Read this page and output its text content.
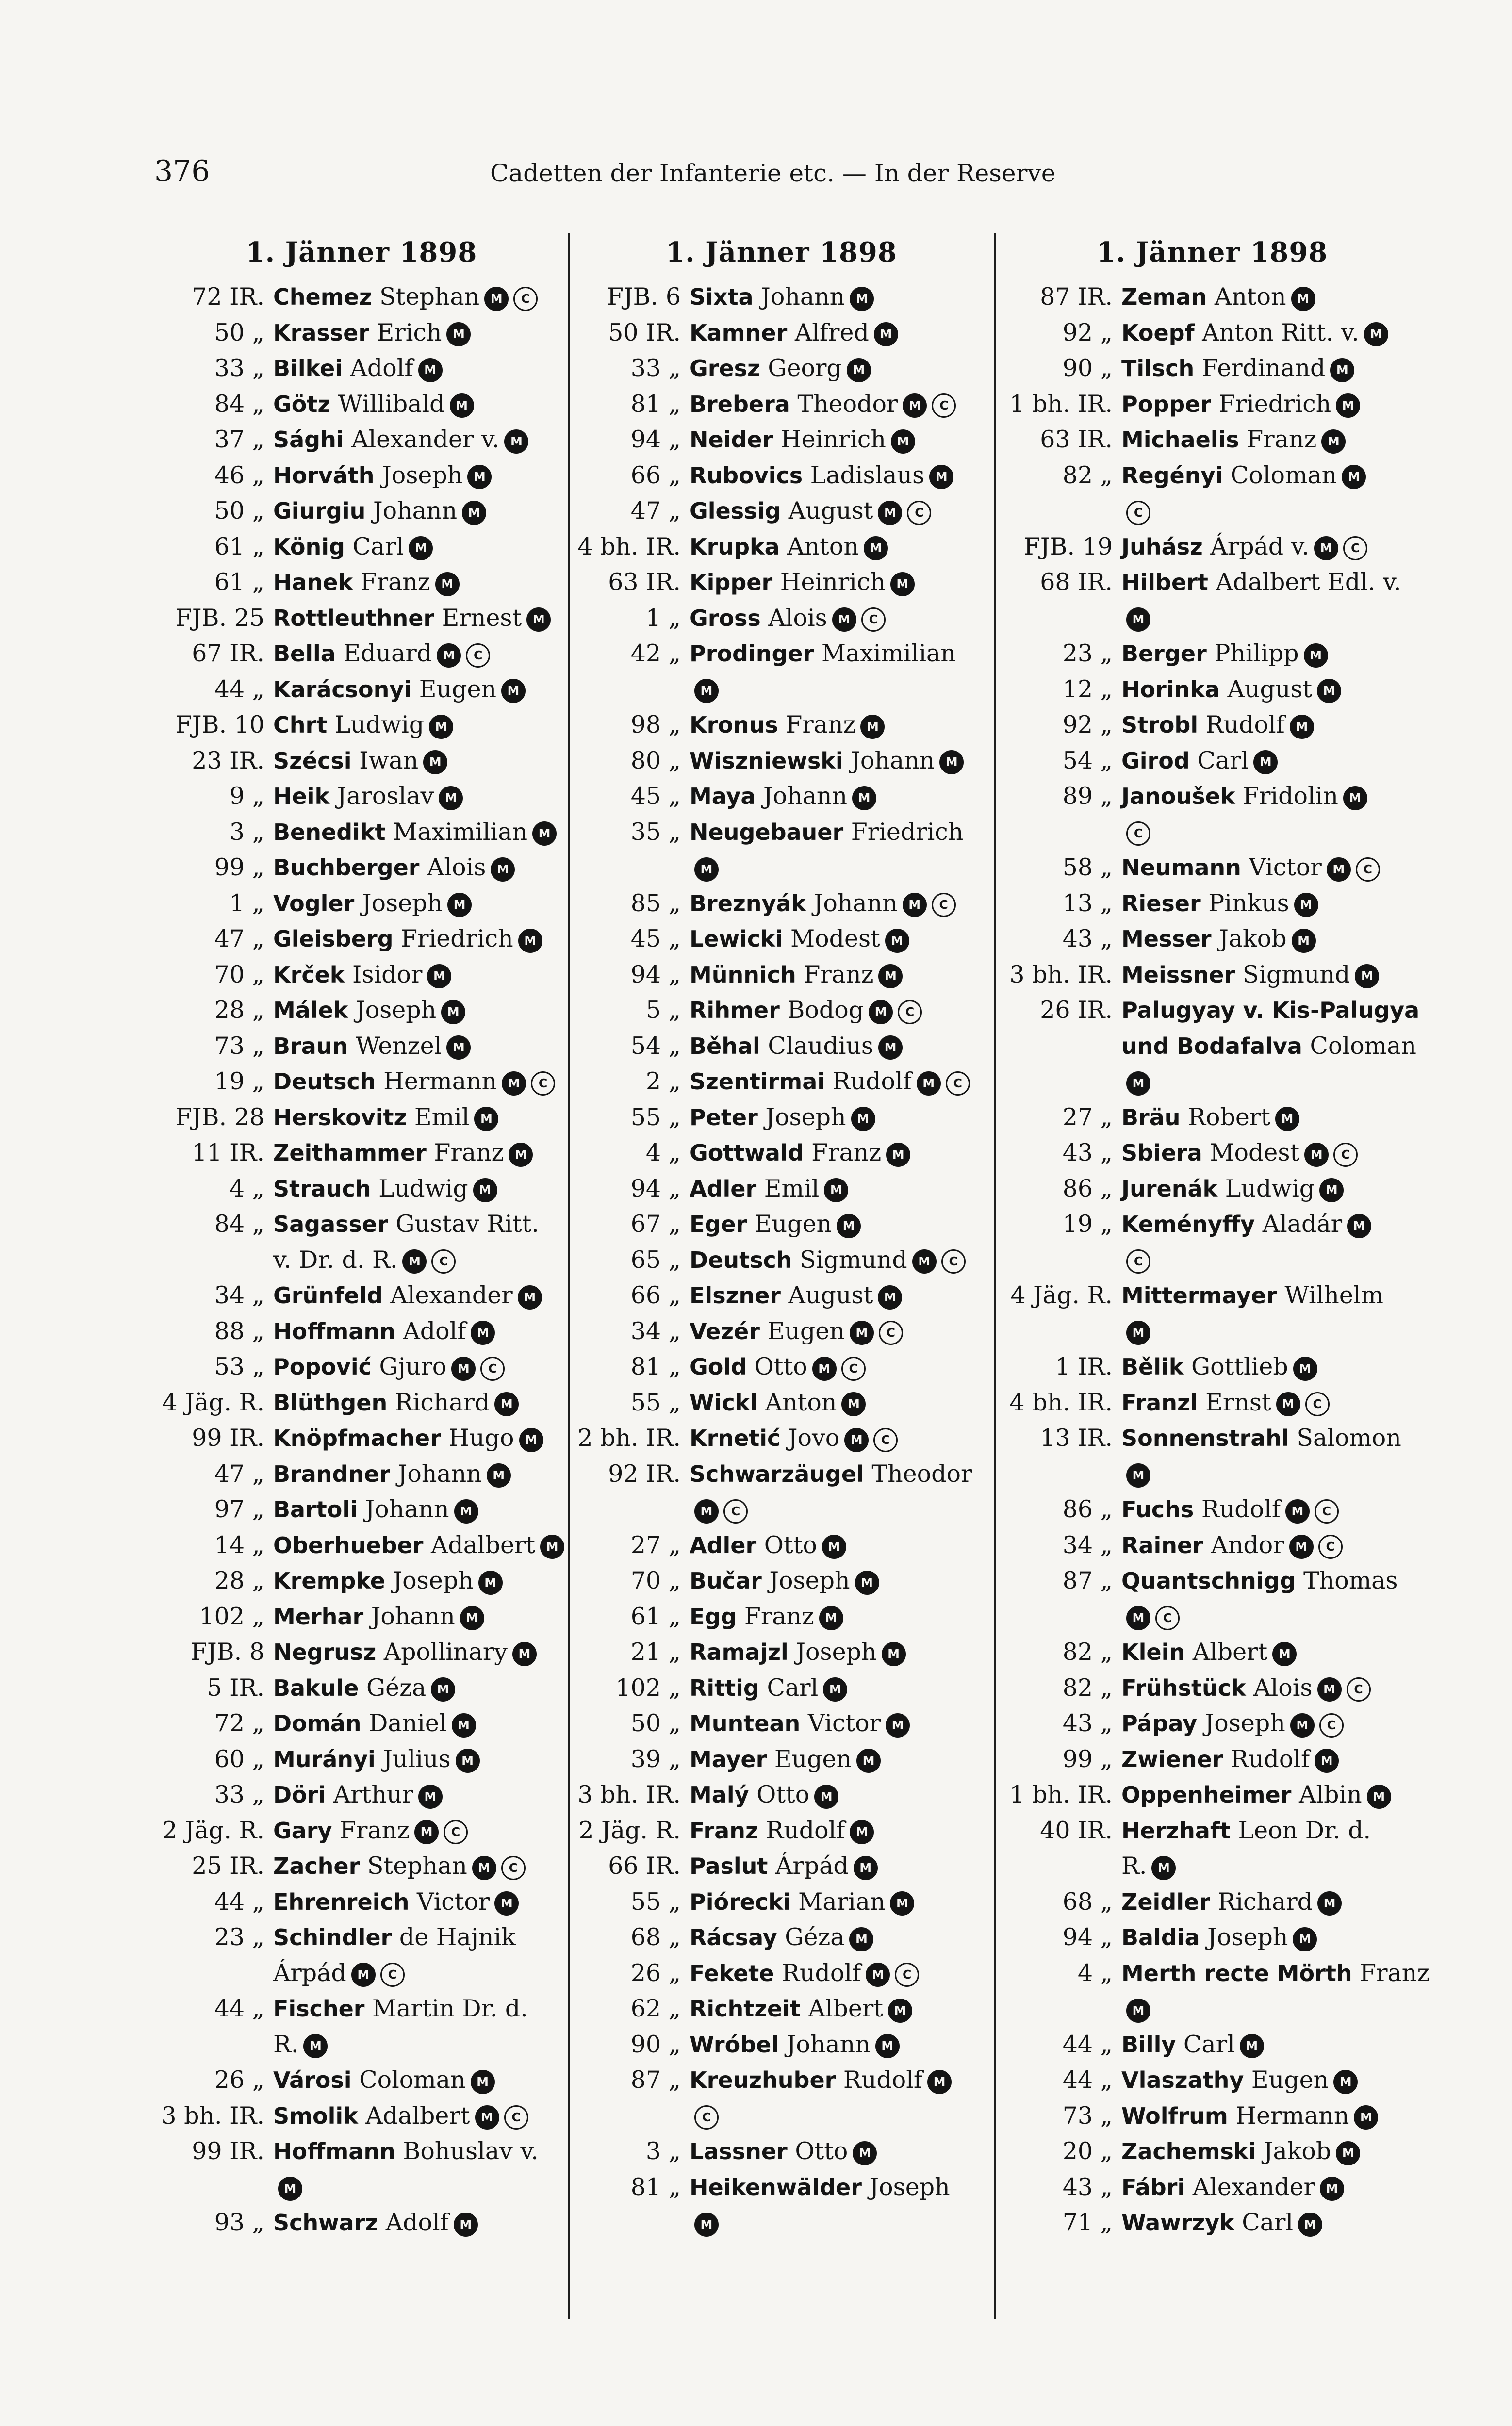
376	Cadetten der Infanterie etc. — In der Reserve
1. Jänner 1898
72 IR. Chemez Stephan M C
50 „ Krasser Erich M
33 „ Bilkei Adolf M
84 „ Götz Willibald M
37 „ Sághi Alexander v. M
46 „ Horváth Joseph M
50 „ Giurgiu Johann M
61 „ König Carl M
61 „ Hanek Franz M
FJB. 25 Rottleuthner Ernest M
67 IR. Bella Eduard M C
44 „ Karácsonyi Eugen M
FJB. 10 Chrt Ludwig M
23 IR. Szécsi Iwan M
9 „ Heik Jaroslav M
3 „ Benedikt Maximilian M
99 „ Buchberger Alois M
1 „ Vogler Joseph M
47 „ Gleisberg Friedrich M
70 „ Krček Isidor M
28 „ Málek Joseph M
73 „ Braun Wenzel M
19 „ Deutsch Hermann M C
FJB. 28 Herskovitz Emil M
11 IR. Zeithammer Franz M
4 „ Strauch Ludwig M
84 „ Sagasser Gustav Ritt.
v. Dr. d. R. M C
34 „ Grünfeld Alexander M
88 „ Hoffmann Adolf M
53 „ Popović Gjuro M C
4 Jäg. R. Blüthgen Richard M
99 IR. Knöpfmacher Hugo M
47 „ Brandner Johann M
97 „ Bartoli Johann M
14 „ Oberhueber Adalbert M
28 „ Krempke Joseph M
102 „ Merhar Johann M
FJB. 8 Negrusz Apollinary M
5 IR. Bakule Géza M
72 „ Domán Daniel M
60 „ Murányi Julius M
33 „ Döri Arthur M
2 Jäg. R. Gary Franz M C
25 IR. Zacher Stephan M C
44 „ Ehrenreich Victor M
23 „ Schindler de Hajnik
Árpád M C
44 „ Fischer Martin Dr. d.
R. M
26 „ Városi Coloman M
3 bh. IR. Smolik Adalbert M C
99 IR. Hoffmann Bohuslav v.
M
93 „ Schwarz Adolf M
1. Jänner 1898
FJB. 6 Sixta Johann M
50 IR. Kamner Alfred M
33 „ Gresz Georg M
81 „ Brebera Theodor M C
94 „ Neider Heinrich M
66 „ Rubovics Ladislaus M
47 „ Glessig August M C
4 bh. IR. Krupka Anton M
63 IR. Kipper Heinrich M
1 „ Gross Alois M C
42 „ Prodinger Maximilian
M
98 „ Kronus Franz M
80 „ Wiszniewski Johann M
45 „ Maya Johann M
35 „ Neugebauer Friedrich
M
85 „ Breznyák Johann M C
45 „ Lewicki Modest M
94 „ Münnich Franz M
5 „ Rihmer Bodog M C
54 „ Běhal Claudius M
2 „ Szentirmai Rudolf M C
55 „ Peter Joseph M
4 „ Gottwald Franz M
94 „ Adler Emil M
67 „ Eger Eugen M
65 „ Deutsch Sigmund M C
66 „ Elszner August M
34 „ Vezér Eugen M C
81 „ Gold Otto M C
55 „ Wickl Anton M
2 bh. IR. Krnetić Jovo M C
92 IR. Schwarzäugel Theodor
M C
27 „ Adler Otto M
70 „ Bučar Joseph M
61 „ Egg Franz M
21 „ Ramajzl Joseph M
102 „ Rittig Carl M
50 „ Muntean Victor M
39 „ Mayer Eugen M
3 bh. IR. Malý Otto M
2 Jäg. R. Franz Rudolf M
66 IR. Paslut Árpád M
55 „ Piórecki Marian M
68 „ Rácsay Géza M
26 „ Fekete Rudolf M C
62 „ Richtzeit Albert M
90 „ Wróbel Johann M
87 „ Kreuzhuber Rudolf M
C
3 „ Lassner Otto M
81 „ Heikenwälder Joseph
M
1. Jänner 1898
87 IR. Zeman Anton M
92 „ Koepf Anton Ritt. v. M
90 „ Tilsch Ferdinand M
1 bh. IR. Popper Friedrich M
63 IR. Michaelis Franz M
82 „ Regényi Coloman M
C
FJB. 19 Juhász Árpád v. M C
68 IR. Hilbert Adalbert Edl. v.
M
23 „ Berger Philipp M
12 „ Horinka August M
92 „ Strobl Rudolf M
54 „ Girod Carl M
89 „ Janoušek Fridolin M
C
58 „ Neumann Victor M C
13 „ Rieser Pinkus M
43 „ Messer Jakob M
3 bh. IR. Meissner Sigmund M
26 IR. Palugyay v. Kis-Palugya
und Bodafalva Coloman
M
27 „ Bräu Robert M
43 „ Sbiera Modest M C
86 „ Jurenák Ludwig M
19 „ Keményffy Aladár M
C
4 Jäg. R. Mittermayer Wilhelm
M
1 IR. Bělik Gottlieb M
4 bh. IR. Franzl Ernst M C
13 IR. Sonnenstrahl Salomon
M
86 „ Fuchs Rudolf M C
34 „ Rainer Andor M C
87 „ Quantschnigg Thomas
M C
82 „ Klein Albert M
82 „ Frühstück Alois M C
43 „ Pápay Joseph M C
99 „ Zwiener Rudolf M
1 bh. IR. Oppenheimer Albin M
40 IR. Herzhaft Leon Dr. d.
R. M
68 „ Zeidler Richard M
94 „ Baldia Joseph M
4 „ Merth recte Mörth Franz
M
44 „ Billy Carl M
44 „ Vlaszathy Eugen M
73 „ Wolfrum Hermann M
20 „ Zachemski Jakob M
43 „ Fábri Alexander M
71 „ Wawrzyk Carl M
